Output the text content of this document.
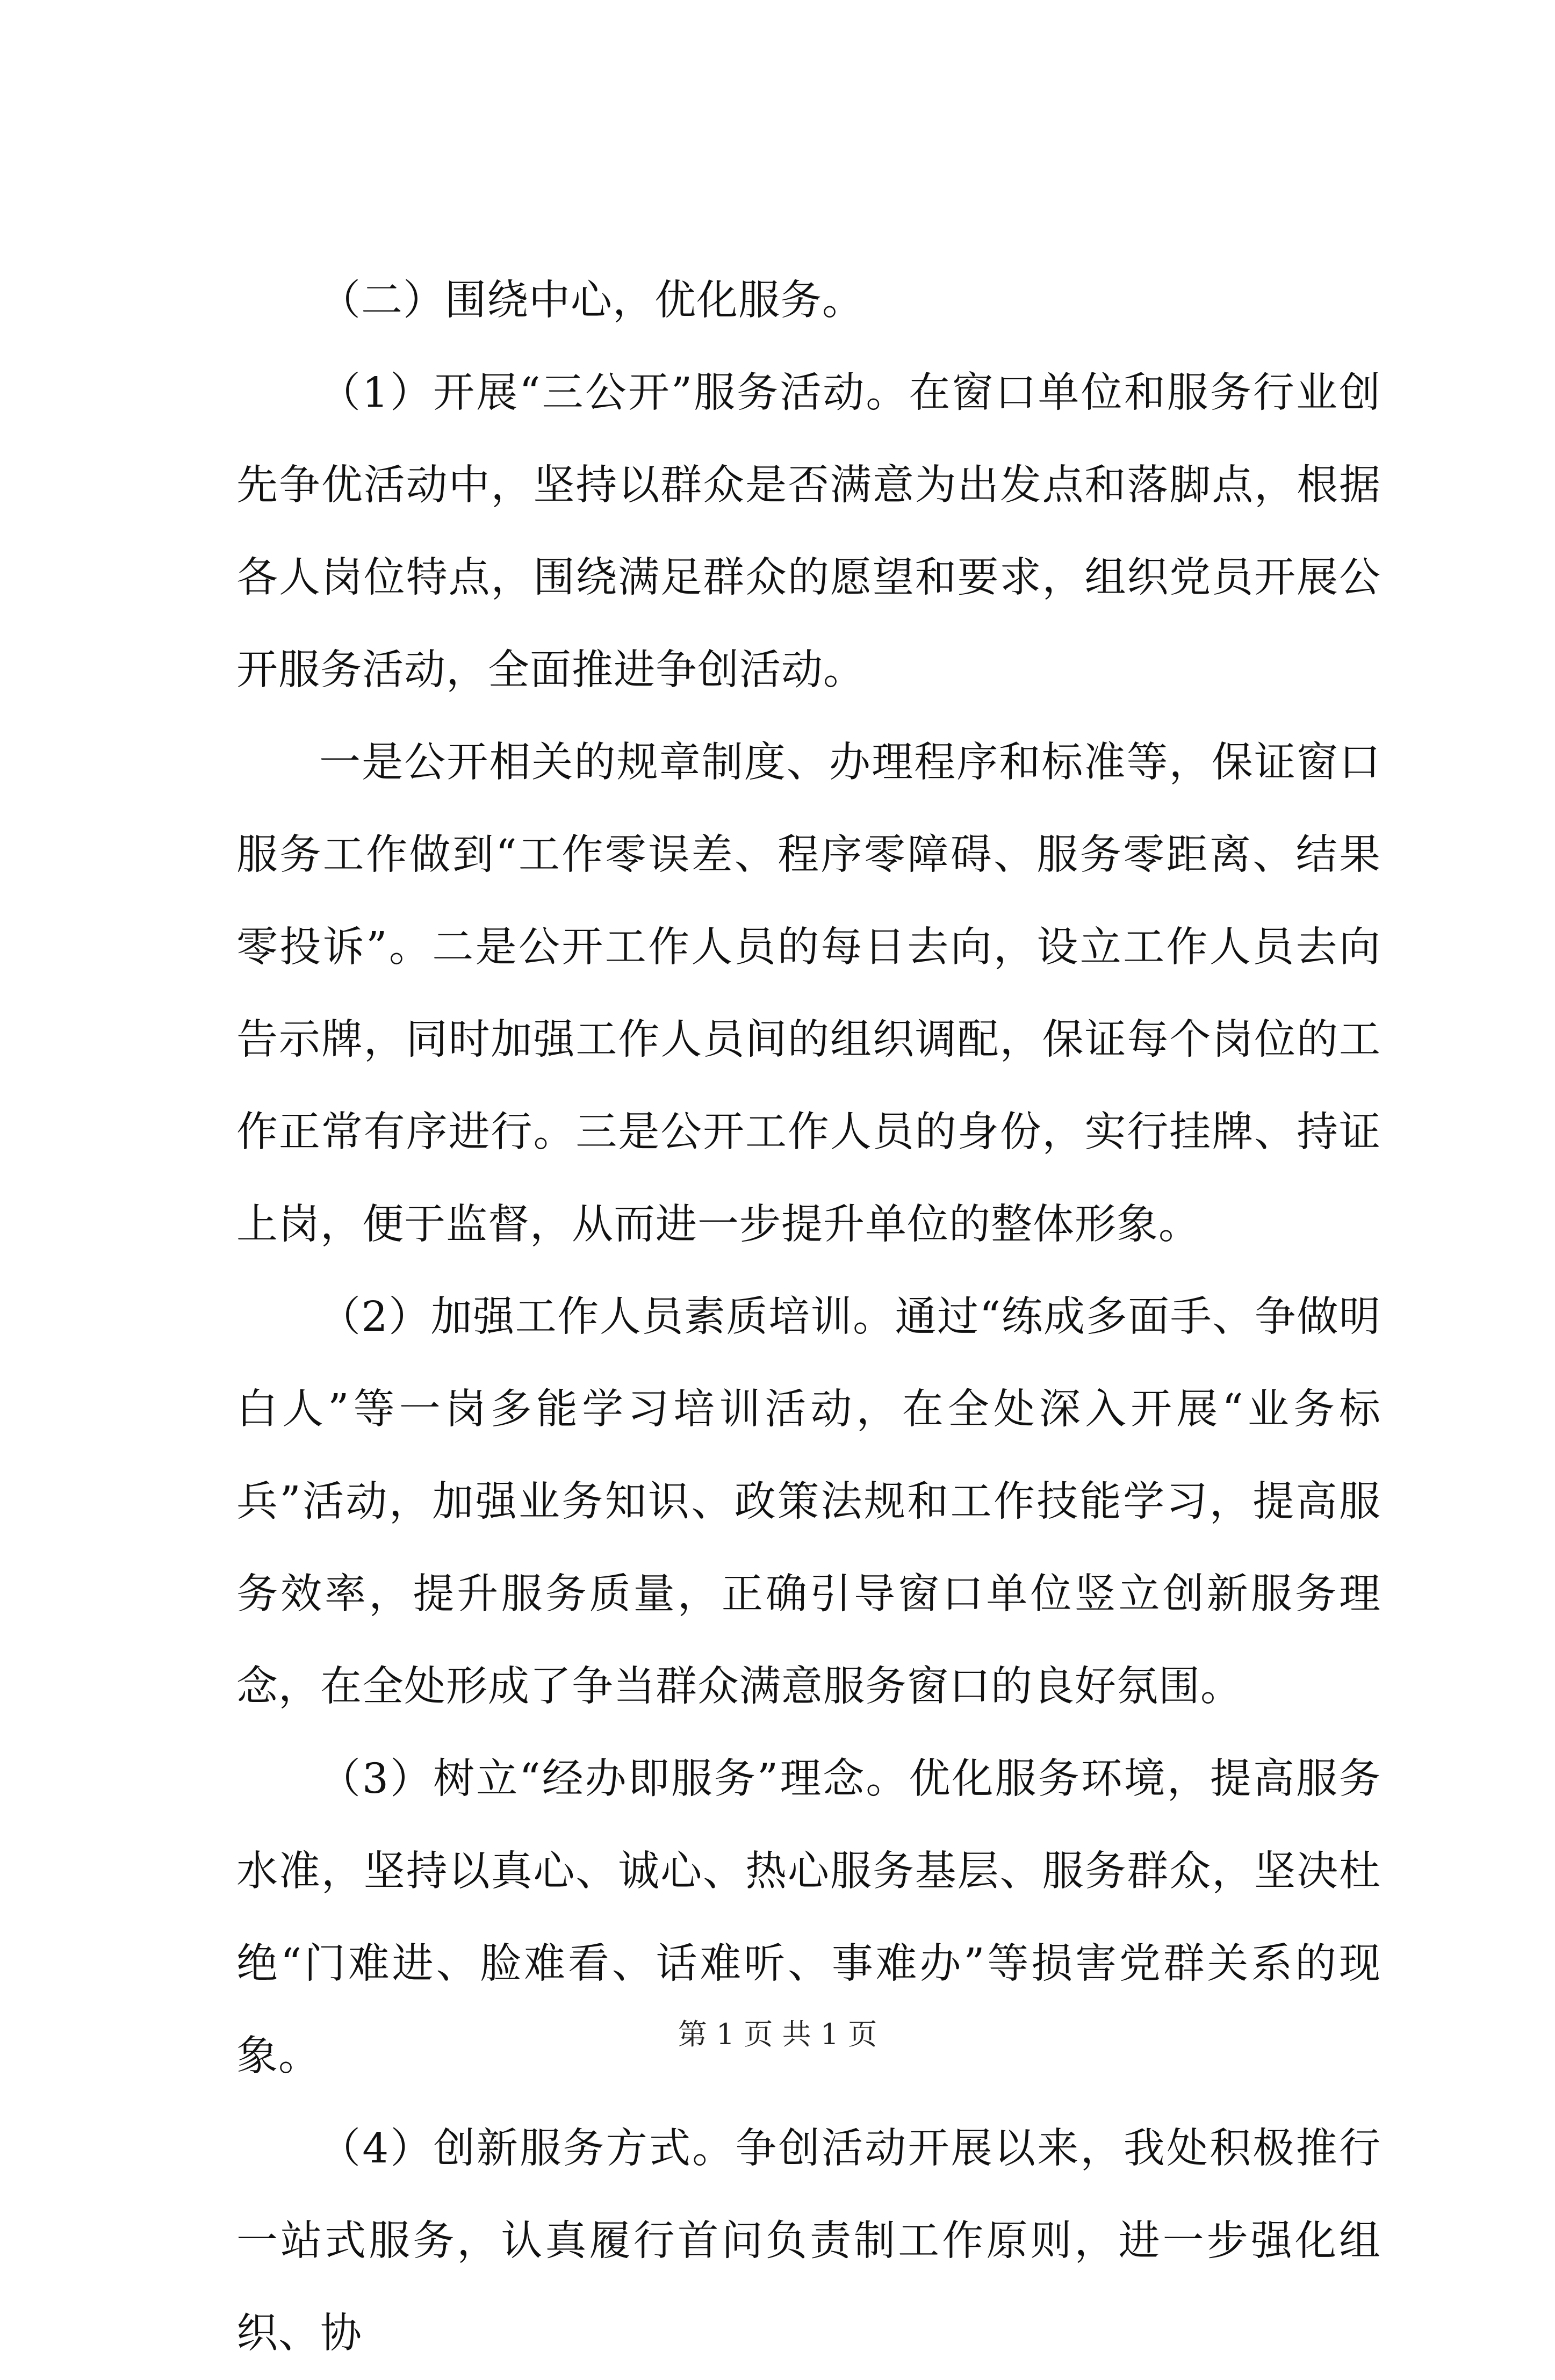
（二）围绕中心，优化服务。

（1）开展“三公开”服务活动。在窗口单位和服务行业创先争优活动中，坚持以群众是否满意为出发点和落脚点，根据各人岗位特点，围绕满足群众的愿望和要求，组织党员开展公开服务活动，全面推进争创活动。

一是公开相关的规章制度、办理程序和标准等，保证窗口服务工作做到“工作零误差、程序零障碍、服务零距离、结果零投诉”。二是公开工作人员的每日去向，设立工作人员去向告示牌，同时加强工作人员间的组织调配，保证每个岗位的工作正常有序进行。三是公开工作人员的身份，实行挂牌、持证上岗，便于监督，从而进一步提升单位的整体形象。

（2）加强工作人员素质培训。通过“练成多面手、争做明白人”等一岗多能学习培训活动，在全处深入开展“业务标兵”活动，加强业务知识、政策法规和工作技能学习，提高服务效率，提升服务质量，正确引导窗口单位竖立创新服务理念，在全处形成了争当群众满意服务窗口的良好氛围。

（3）树立“经办即服务”理念。优化服务环境，提高服务水准，坚持以真心、诚心、热心服务基层、服务群众，坚决杜绝“门难进、脸难看、话难听、事难办”等损害党群关系的现象。

（4）创新服务方式。争创活动开展以来，我处积极推行一站式服务，认真履行首问负责制工作原则，进一步强化组织、协

第 1 页 共 1 页
